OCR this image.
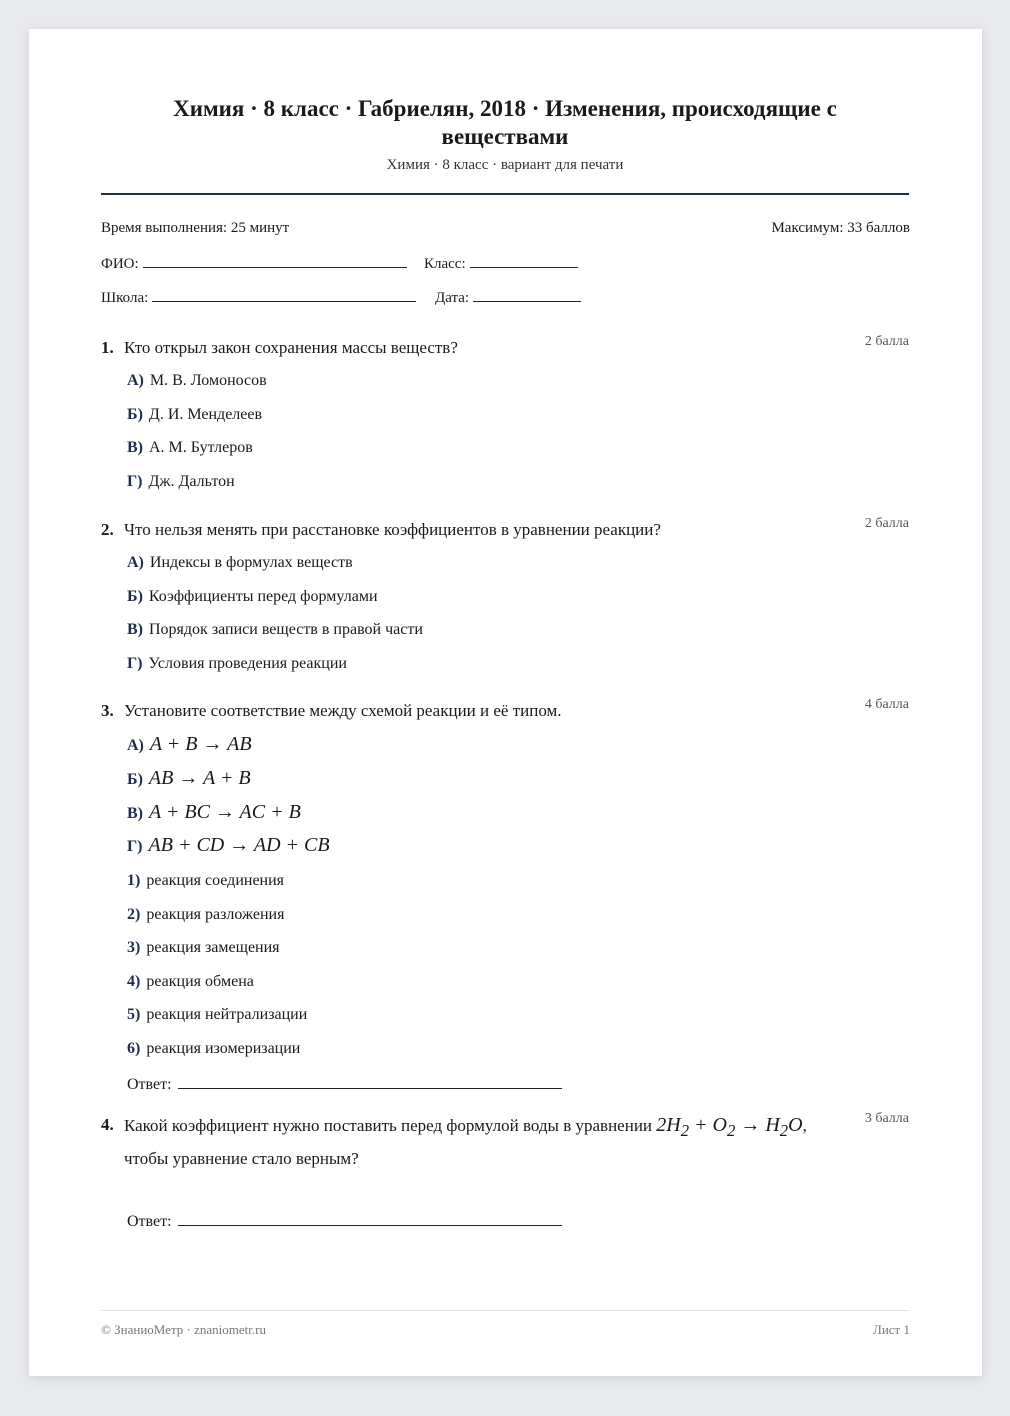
Химия · 8 класс · Габриелян, 2018 · Изменения, происходящие с веществами
Химия · 8 класс · вариант для печати
Время выполнения: 25 минут	Максимум: 33 баллов
ФИО:	Класс:
Школа:	Дата:
1. Кто открыл закон сохранения массы веществ?	2 балла
А) М. В. Ломоносов
Б) Д. И. Менделеев
В) А. М. Бутлеров
Г) Дж. Дальтон
2. Что нельзя менять при расстановке коэффициентов в уравнении реакции?	2 балла
А) Индексы в формулах веществ
Б) Коэффициенты перед формулами
В) Порядок записи веществ в правой части
Г) Условия проведения реакции
3. Установите соответствие между схемой реакции и её типом.	4 балла
А) A + B → AB
Б) AB → A + B
В) A + BC → AC + B
Г) AB + CD → AD + CB
1) реакция соединения
2) реакция разложения
3) реакция замещения
4) реакция обмена
5) реакция нейтрализации
6) реакция изомеризации
Ответ:
4. Какой коэффициент нужно поставить перед формулой воды в уравнении $2H_2 + O_2 \to H_2O$, чтобы уравнение стало верным?
3 балла
Ответ:
© ЗнаниоМетр · znaniometr.ru	Лист 1
